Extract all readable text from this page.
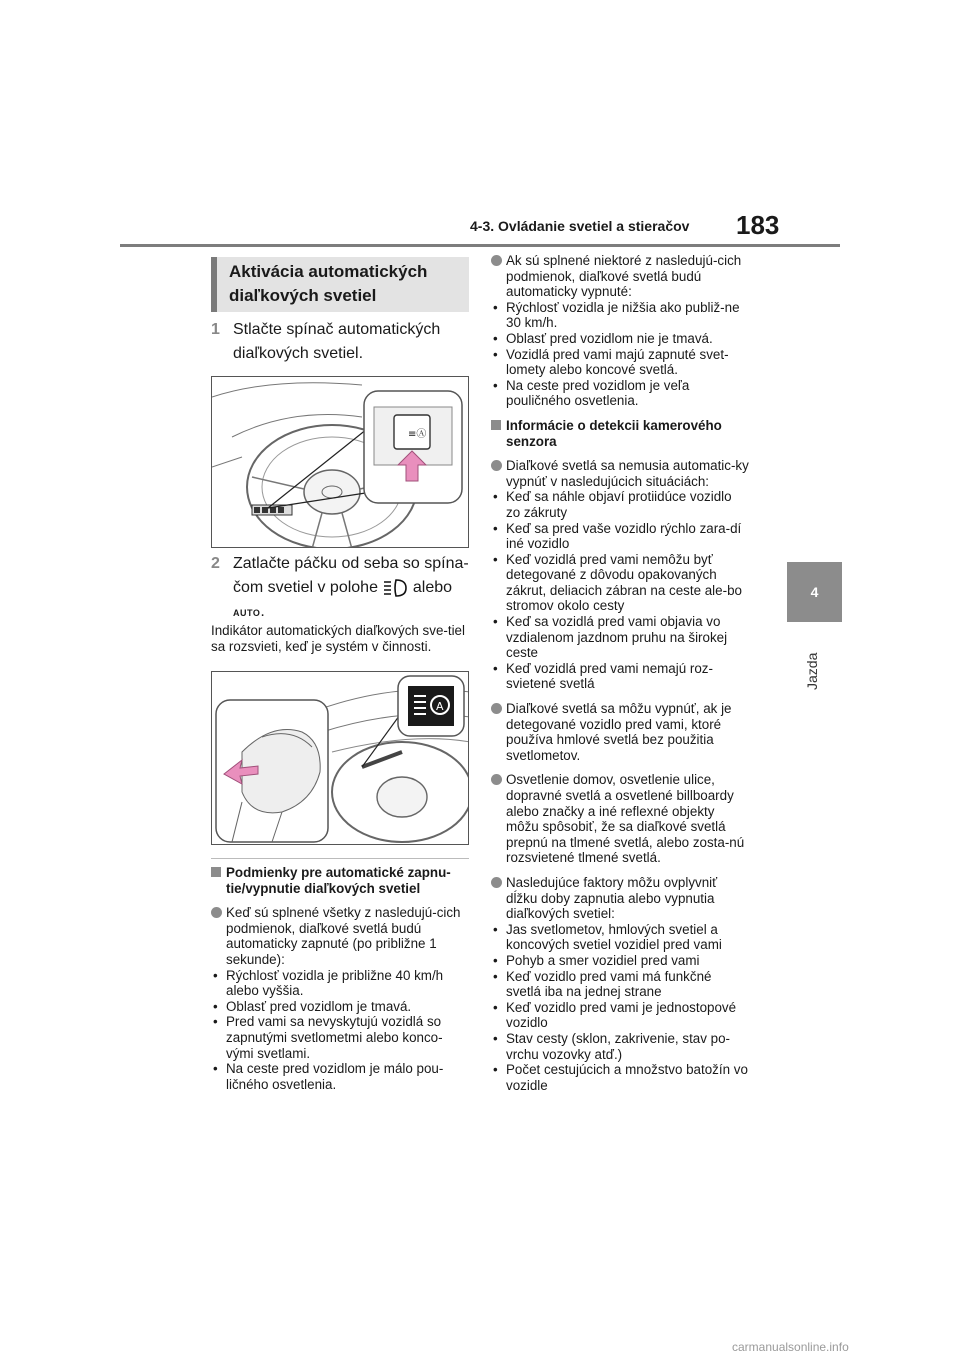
4-3. Ovládanie svetiel a stieračov 183
4
Jazda
Aktivácia automatických diaľkových svetiel
1 Stlačte spínač automatických diaľkových svetiel.
≡Ⓐ
2 Zatlačte páčku od seba so spína-čom svetiel v polohe alebo
AUTO.
Indikátor automatických diaľkových sve-tiel sa rozsvieti, keď je systém v činnosti.
A
Podmienky pre automatické zapnu-tie/vypnutie diaľkových svetiel
Keď sú splnené všetky z nasledujú-cich podmienok, diaľkové svetlá budú automaticky zapnuté (po približne 1 sekunde):
• Rýchlosť vozidla je približne 40 km/h alebo vyššia.
• Oblasť pred vozidlom je tmavá.
• Pred vami sa nevyskytujú vozidlá so zapnutými svetlometmi alebo konco-vými svetlami.
• Na ceste pred vozidlom je málo pou-ličného osvetlenia.
Ak sú splnené niektoré z nasledujú-cich podmienok, diaľkové svetlá budú automaticky vypnuté:
• Rýchlosť vozidla je nižšia ako publiž-ne 30 km/h.
• Oblasť pred vozidlom nie je tmavá.
• Vozidlá pred vami majú zapnuté svet-lomety alebo koncové svetlá.
• Na ceste pred vozidlom je veľa pouličného osvetlenia.
Informácie o detekcii kamerového senzora
Diaľkové svetlá sa nemusia automatic-ky vypnúť v nasledujúcich situáciách:
• Keď sa náhle objaví protiidúce vozidlo zo zákruty
• Keď sa pred vaše vozidlo rýchlo zara-dí iné vozidlo
• Keď vozidlá pred vami nemôžu byť detegované z dôvodu opakovaných zákrut, deliacich zábran na ceste ale-bo stromov okolo cesty
• Keď sa vozidlá pred vami objavia vo vzdialenom jazdnom pruhu na širokej ceste
• Keď vozidlá pred vami nemajú roz-svietené svetlá
Diaľkové svetlá sa môžu vypnúť, ak je detegované vozidlo pred vami, ktoré používa hmlové svetlá bez použitia svetlometov.
Osvetlenie domov, osvetlenie ulice, dopravné svetlá a osvetlené billboardy alebo značky a iné reflexné objekty môžu spôsobiť, že sa diaľkové svetlá prepnú na tlmené svetlá, alebo zosta-nú rozsvietené tlmené svetlá.
Nasledujúce faktory môžu ovplyvniť dĺžku doby zapnutia alebo vypnutia diaľkových svetiel:
• Jas svetlometov, hmlových svetiel a koncových svetiel vozidiel pred vami
• Pohyb a smer vozidiel pred vami
• Keď vozidlo pred vami má funkčné svetlá iba na jednej strane
• Keď vozidlo pred vami je jednostopové vozidlo
• Stav cesty (sklon, zakrivenie, stav po-vrchu vozovky atď.)
• Počet cestujúcich a množstvo batožín vo vozidle
carmanualsonline.info
